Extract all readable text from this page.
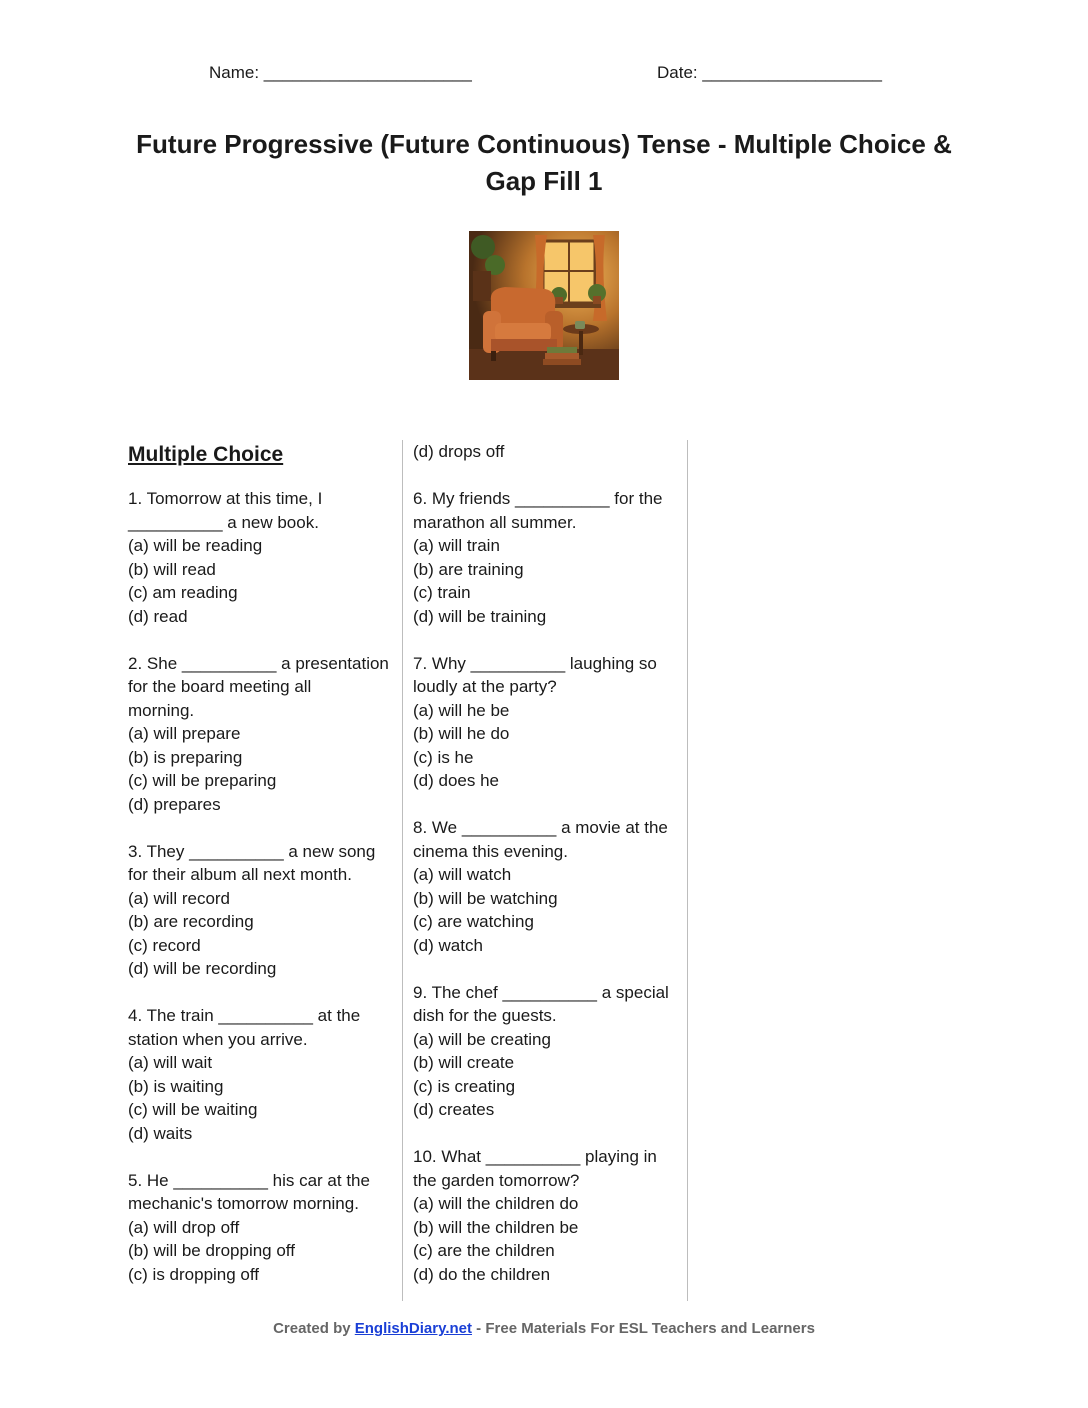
Name: ______________________	Date: ___________________
Future Progressive (Future Continuous) Tense - Multiple Choice &
Gap Fill 1
Multiple Choice
1. Tomorrow at this time, I
__________ a new book.
(a) will be reading
(b) will read
(c) am reading
(d) read
2. She __________ a presentation
for the board meeting all
morning.
(a) will prepare
(b) is preparing
(c) will be preparing
(d) prepares
3. They __________ a new song
for their album all next month.
(a) will record
(b) are recording
(c) record
(d) will be recording
4. The train __________ at the
station when you arrive.
(a) will wait
(b) is waiting
(c) will be waiting
(d) waits
5. He __________ his car at the
mechanic's tomorrow morning.
(a) will drop off
(b) will be dropping off
(c) is dropping off
(d) drops off
6. My friends __________ for the
marathon all summer.
(a) will train
(b) are training
(c) train
(d) will be training
7. Why __________ laughing so
loudly at the party?
(a) will he be
(b) will he do
(c) is he
(d) does he
8. We __________ a movie at the
cinema this evening.
(a) will watch
(b) will be watching
(c) are watching
(d) watch
9. The chef __________ a special
dish for the guests.
(a) will be creating
(b) will create
(c) is creating
(d) creates
10. What __________ playing in
the garden tomorrow?
(a) will the children do
(b) will the children be
(c) are the children
(d) do the children
Created by EnglishDiary.net - Free Materials For ESL Teachers and Learners
